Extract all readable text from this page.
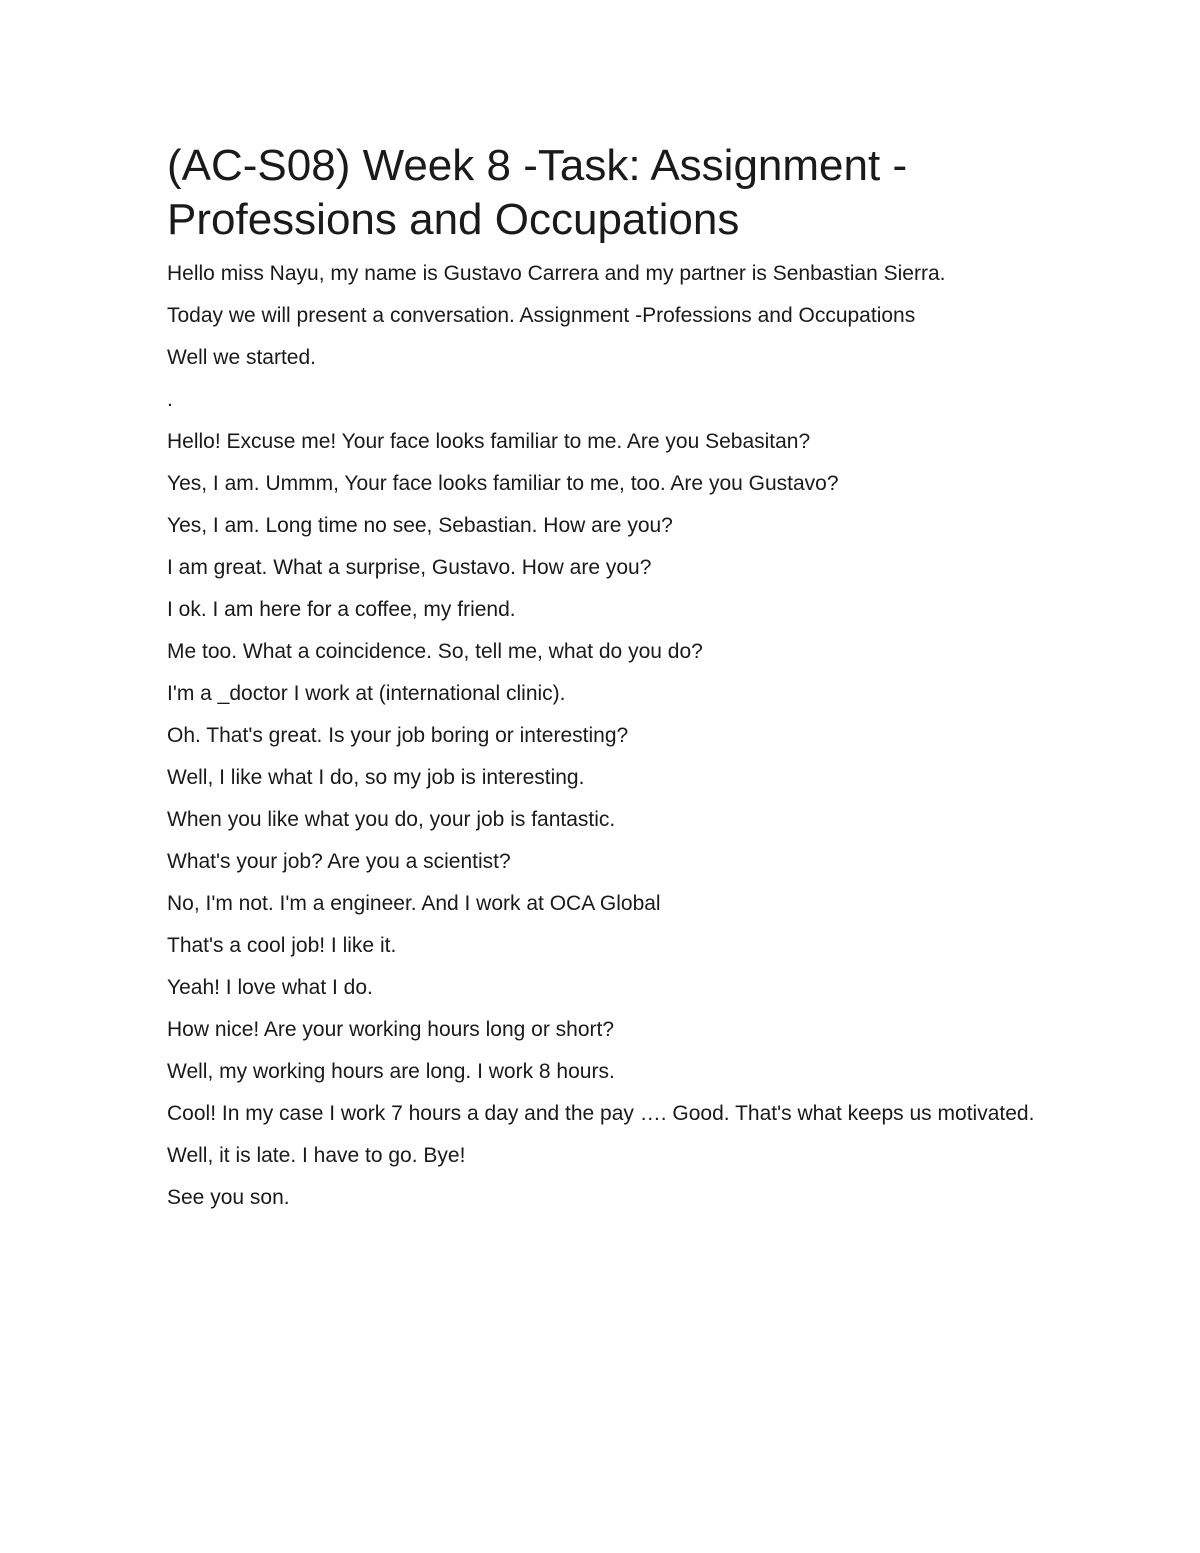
(AC-S08) Week 8 -Task: Assignment -Professions and Occupations

Hello miss Nayu, my name is Gustavo Carrera and my partner is Senbastian Sierra.

Today we will present a conversation. Assignment -Professions and Occupations

Well we started.

.

Hello! Excuse me! Your face looks familiar to me. Are you Sebasitan?

Yes, I am. Ummm, Your face looks familiar to me, too. Are you Gustavo?

Yes, I am. Long time no see, Sebastian. How are you?

I am great. What a surprise, Gustavo. How are you?

I ok. I am here for a coffee, my friend.

Me too. What a coincidence. So, tell me, what do you do?

I'm a _doctor I work at (international clinic).

Oh. That's great. Is your job boring or interesting?

Well, I like what I do, so my job is interesting.

When you like what you do, your job is fantastic.

What's your job? Are you a scientist?

No, I'm not. I'm a engineer. And I work at OCA Global

That's a cool job! I like it.

Yeah! I love what I do.

How nice! Are your working hours long or short?

Well, my working hours are long. I work 8 hours.

Cool! In my case I work 7 hours a day and the pay …. Good. That's what keeps us motivated.

Well, it is late. I have to go. Bye!

See you son.
